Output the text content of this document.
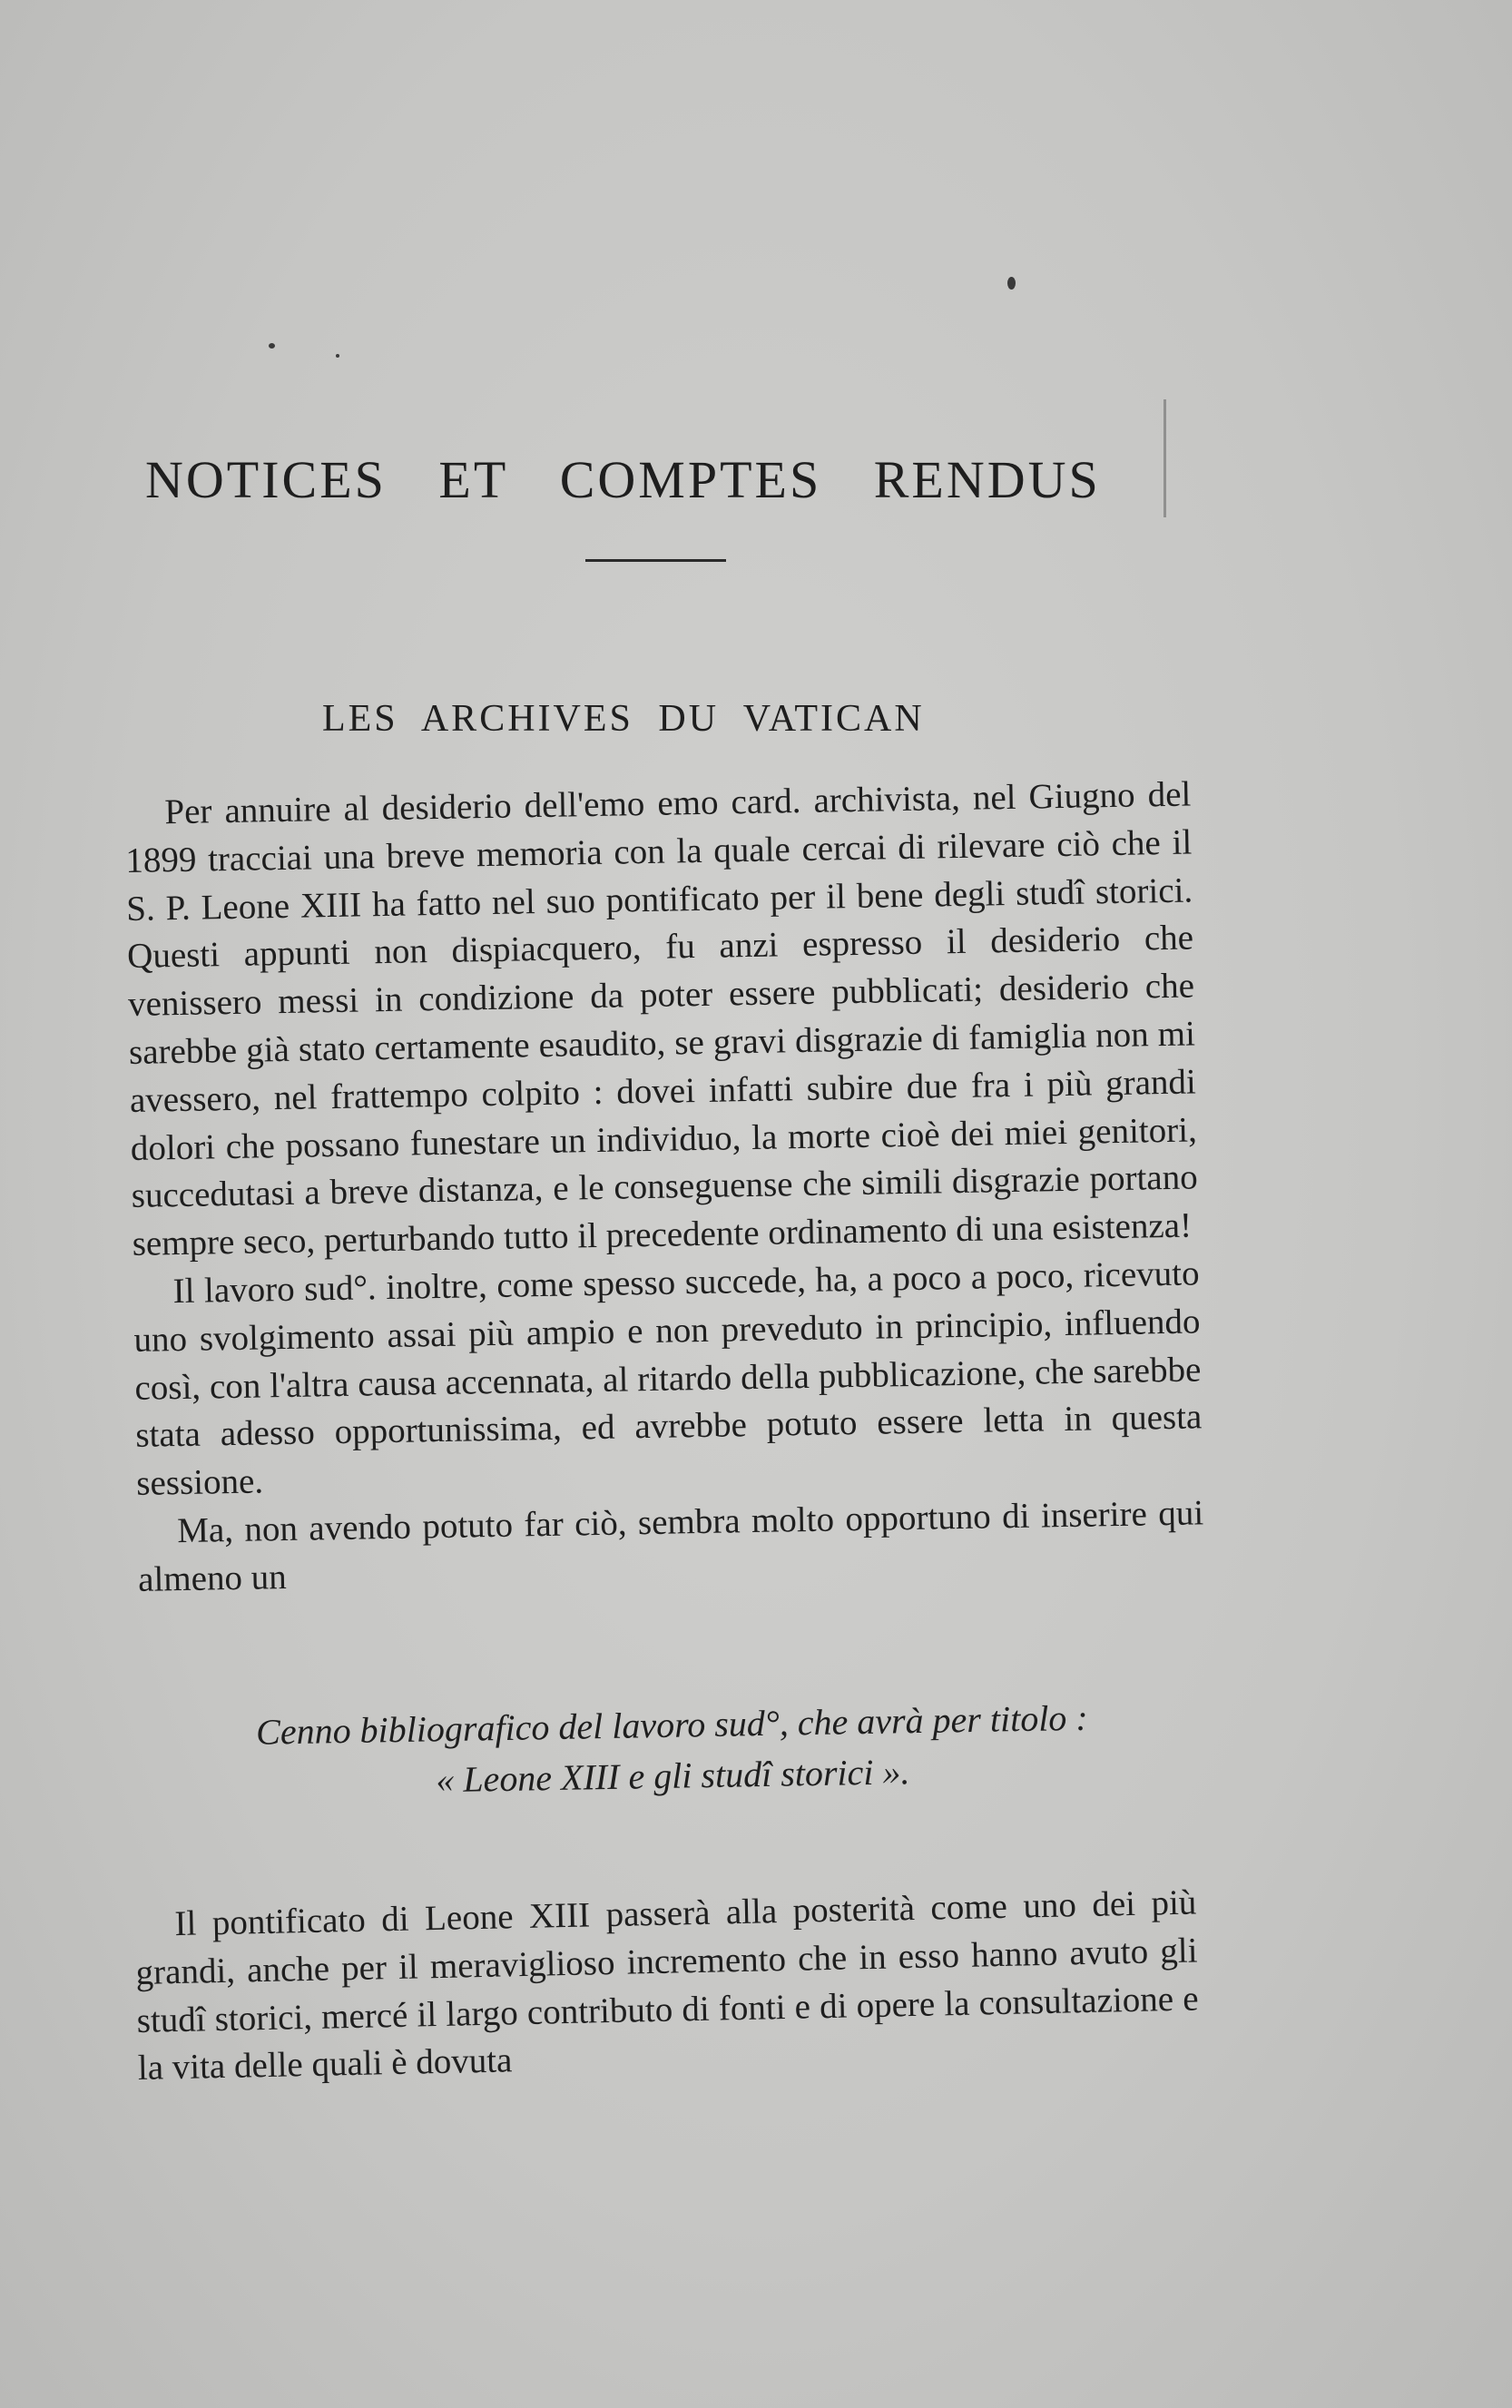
NOTICES ET COMPTES RENDUS
LES ARCHIVES DU VATICAN

Per annuire al desiderio dell'emo emo card. archivista, nel Giugno del 1899 tracciai una breve memoria con la quale cercai di rilevare ciò che il S. P. Leone XIII ha fatto nel suo pontificato per il bene degli studî storici. Questi appunti non dispiacquero, fu anzi espresso il desiderio che venissero messi in condizione da poter essere pubblicati; desiderio che sarebbe già stato certamente esaudito, se gravi disgrazie di famiglia non mi avessero, nel frattempo colpito : dovei infatti subire due fra i più grandi dolori che possano funestare un individuo, la morte cioè dei miei genitori, succedutasi a breve distanza, e le conseguense che simili disgrazie portano sempre seco, perturbando tutto il precedente ordinamento di una esistenza!

Il lavoro sud°. inoltre, come spesso succede, ha, a poco a poco, ricevuto uno svolgimento assai più ampio e non preveduto in principio, influendo così, con l'altra causa accennata, al ritardo della pubblicazione, che sarebbe stata adesso opportunissima, ed avrebbe potuto essere letta in questa sessione.

Ma, non avendo potuto far ciò, sembra molto opportuno di inserire qui almeno un

Cenno bibliografico del lavoro sud°, che avrà per titolo :
« Leone XIII e gli studî storici ».

Il pontificato di Leone XIII passerà alla posterità come uno dei più grandi, anche per il meraviglioso incremento che in esso hanno avuto gli studî storici, mercé il largo contributo di fonti e di opere la consultazione e la vita delle quali è dovuta
